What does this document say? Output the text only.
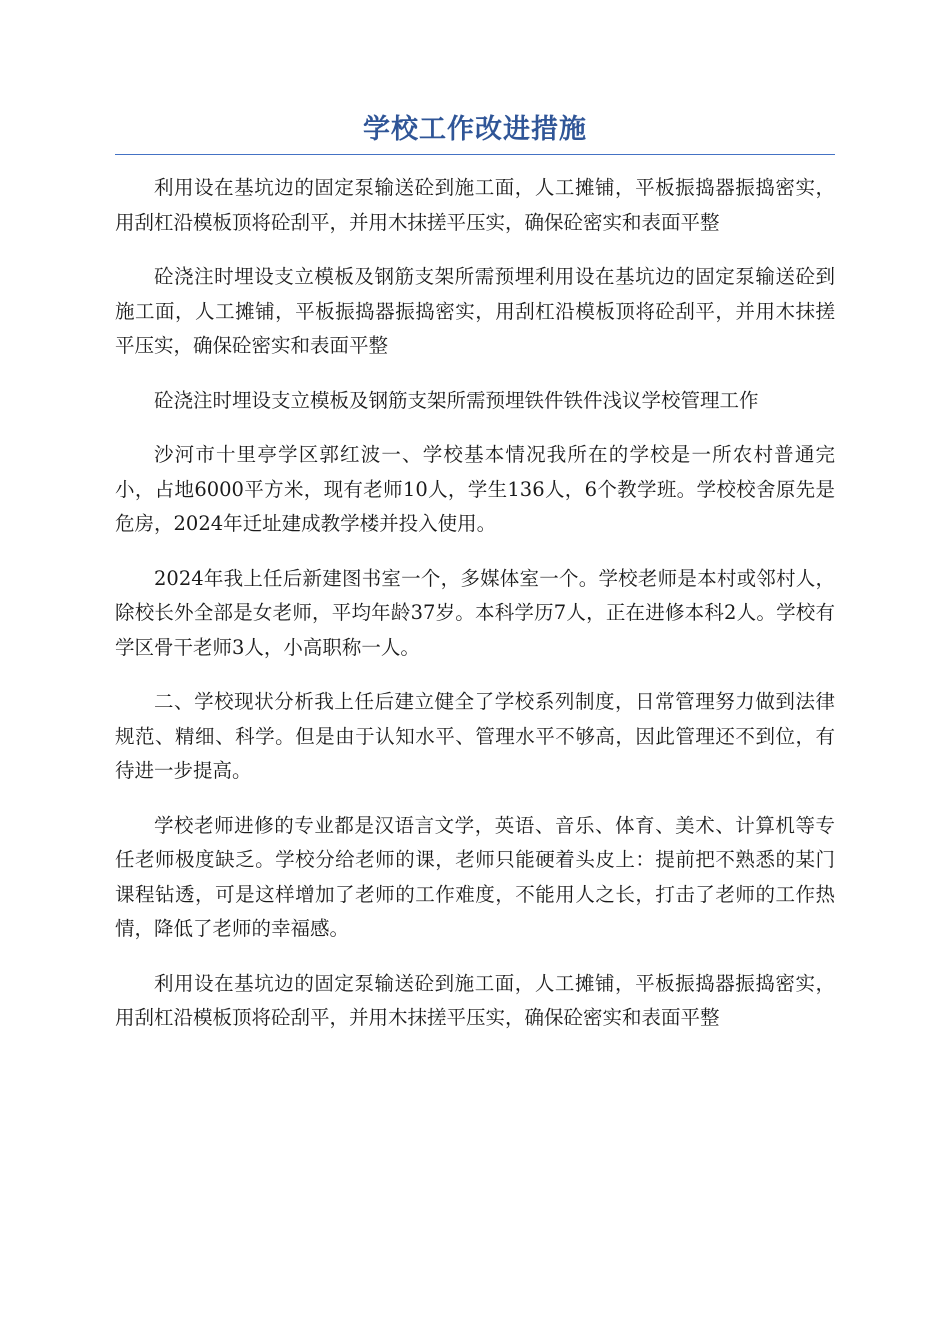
学校工作改进措施

利用设在基坑边的固定泵输送砼到施工面，人工摊铺，平板振捣器振捣密实，用刮杠沿模板顶将砼刮平，并用木抹搓平压实，确保砼密实和表面平整

砼浇注时埋设支立模板及钢筋支架所需预埋利用设在基坑边的固定泵输送砼到施工面，人工摊铺，平板振捣器振捣密实，用刮杠沿模板顶将砼刮平，并用木抹搓平压实，确保砼密实和表面平整

砼浇注时埋设支立模板及钢筋支架所需预埋铁件铁件浅议学校管理工作

沙河市十里亭学区郭红波一、学校基本情况我所在的学校是一所农村普通完小，占地6000平方米，现有老师10人，学生136人，6个教学班。学校校舍原先是危房，2024年迁址建成教学楼并投入使用。

2024年我上任后新建图书室一个，多媒体室一个。学校老师是本村或邻村人，除校长外全部是女老师，平均年龄37岁。本科学历7人，正在进修本科2人。学校有学区骨干老师3人，小高职称一人。

二、学校现状分析我上任后建立健全了学校系列制度，日常管理努力做到法律规范、精细、科学。但是由于认知水平、管理水平不够高，因此管理还不到位，有待进一步提高。

学校老师进修的专业都是汉语言文学，英语、音乐、体育、美术、计算机等专任老师极度缺乏。学校分给老师的课，老师只能硬着头皮上：提前把不熟悉的某门课程钻透，可是这样增加了老师的工作难度，不能用人之长，打击了老师的工作热情，降低了老师的幸福感。

利用设在基坑边的固定泵输送砼到施工面，人工摊铺，平板振捣器振捣密实，用刮杠沿模板顶将砼刮平，并用木抹搓平压实，确保砼密实和表面平整
